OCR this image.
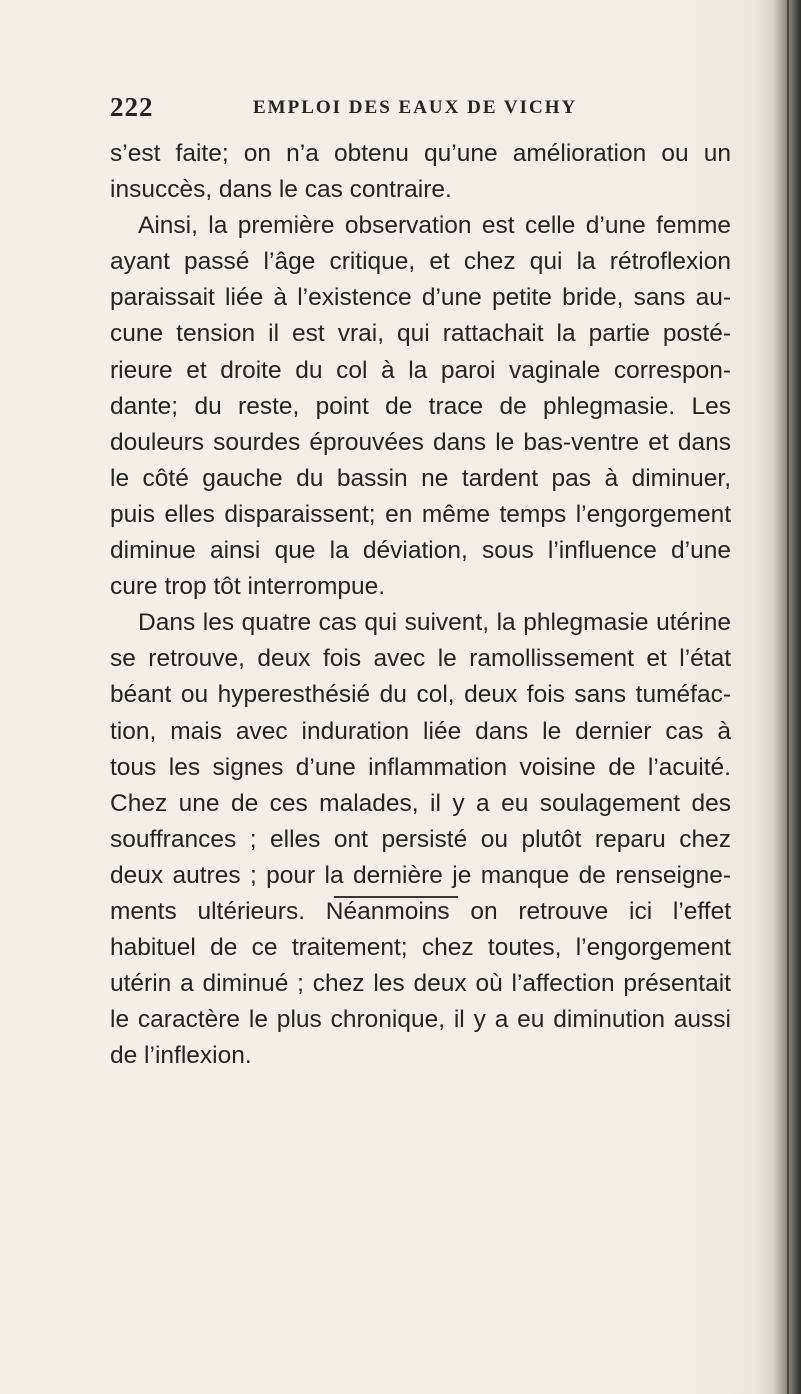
222	EMPLOI DES EAUX DE VICHY
s’est faite; on n’a obtenu qu’une amélioration ou un
insuccès, dans le cas contraire.
Ainsi, la première observation est celle d’une femme
ayant passé l’âge critique, et chez qui la rétroflexion
paraissait liée à l’existence d’une petite bride, sans au-
cune tension il est vrai, qui rattachait la partie posté-
rieure et droite du col à la paroi vaginale correspon-
dante; du reste, point de trace de phlegmasie. Les
douleurs sourdes éprouvées dans le bas-ventre et dans
le côté gauche du bassin ne tardent pas à diminuer,
puis elles disparaissent; en même temps l’engorgement
diminue ainsi que la déviation, sous l’influence d’une
cure trop tôt interrompue.
Dans les quatre cas qui suivent, la phlegmasie utérine
se retrouve, deux fois avec le ramollissement et l’état
béant ou hyperesthésié du col, deux fois sans tuméfac-
tion, mais avec induration liée dans le dernier cas à
tous les signes d’une inflammation voisine de l’acuité.
Chez une de ces malades, il y a eu soulagement des
souffrances ; elles ont persisté ou plutôt reparu chez
deux autres ; pour la dernière je manque de renseigne-
ments ultérieurs. Néanmoins on retrouve ici l’effet
habituel de ce traitement; chez toutes, l’engorgement
utérin a diminué ; chez les deux où l’affection présentait
le caractère le plus chronique, il y a eu diminution aussi
de l’inflexion.
